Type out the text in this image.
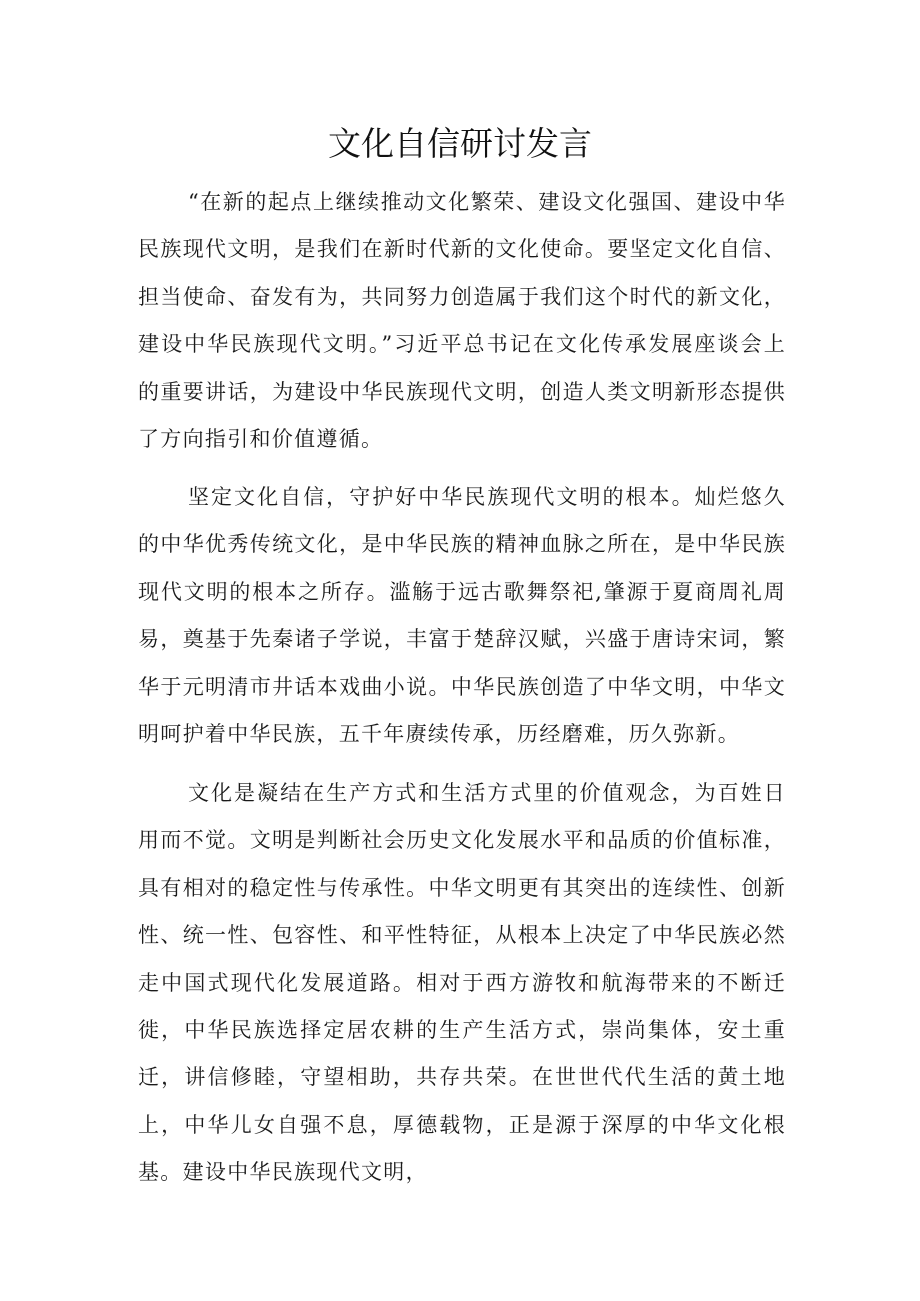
文化自信研讨发言

“在新的起点上继续推动文化繁荣、建设文化强国、建设中华民族现代文明，是我们在新时代新的文化使命。要坚定文化自信、担当使命、奋发有为，共同努力创造属于我们这个时代的新文化，建设中华民族现代文明。”习近平总书记在文化传承发展座谈会上的重要讲话，为建设中华民族现代文明，创造人类文明新形态提供了方向指引和价值遵循。

坚定文化自信，守护好中华民族现代文明的根本。灿烂悠久的中华优秀传统文化，是中华民族的精神血脉之所在，是中华民族现代文明的根本之所存。滥觞于远古歌舞祭祀,肇源于夏商周礼周易，奠基于先秦诸子学说，丰富于楚辞汉赋，兴盛于唐诗宋词，繁华于元明清市井话本戏曲小说。中华民族创造了中华文明，中华文明呵护着中华民族，五千年赓续传承，历经磨难，历久弥新。

文化是凝结在生产方式和生活方式里的价值观念，为百姓日用而不觉。文明是判断社会历史文化发展水平和品质的价值标准，具有相对的稳定性与传承性。中华文明更有其突出的连续性、创新性、统一性、包容性、和平性特征，从根本上决定了中华民族必然走中国式现代化发展道路。相对于西方游牧和航海带来的不断迁徙，中华民族选择定居农耕的生产生活方式，崇尚集体，安土重迁，讲信修睦，守望相助，共存共荣。在世世代代生活的黄土地上，中华儿女自强不息，厚德载物，正是源于深厚的中华文化根基。建设中华民族现代文明，
